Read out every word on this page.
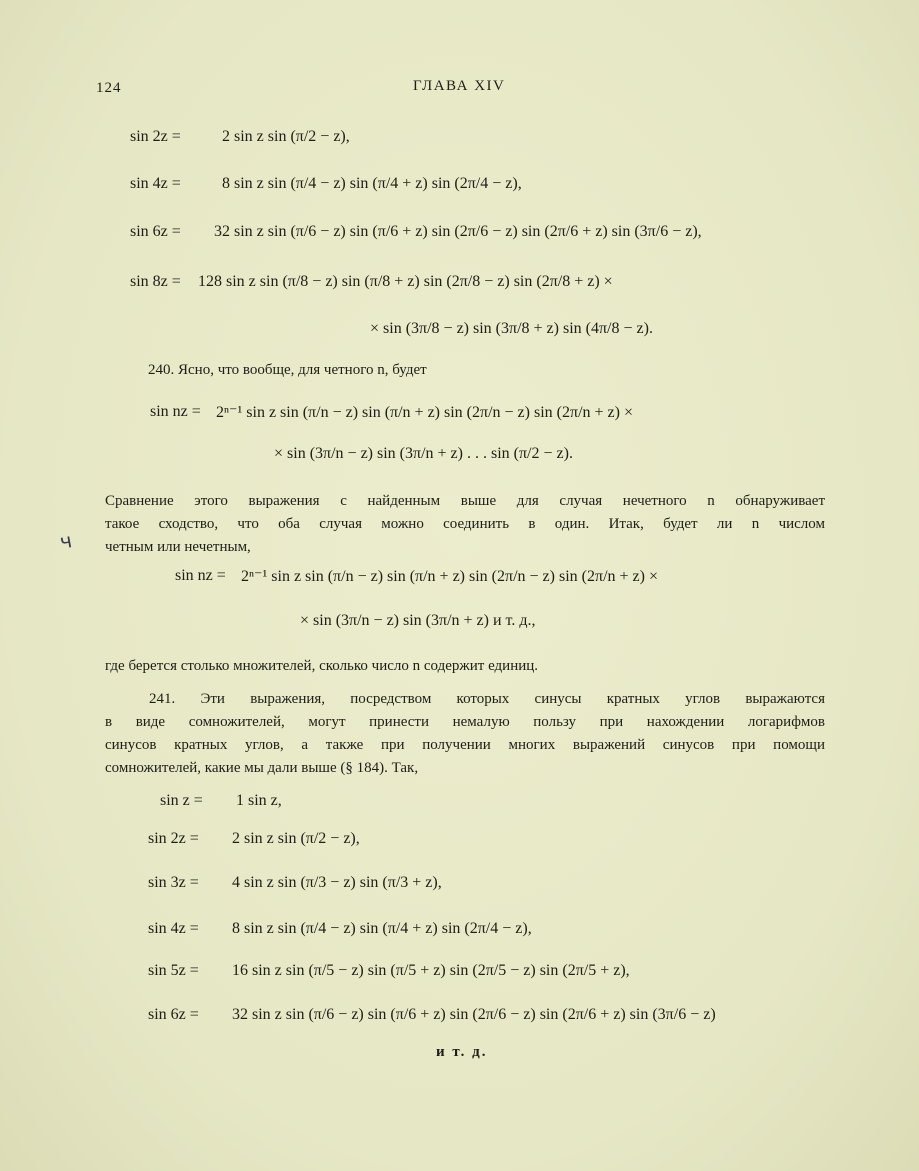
124	ГЛАВА XIV
sin 2z =	2 sin z sin (π/2 − z),
sin 4z =	8 sin z sin (π/4 − z) sin (π/4 + z) sin (2π/4 − z),
sin 6z =	32 sin z sin (π/6 − z) sin (π/6 + z) sin (2π/6 − z) sin (2π/6 + z) sin (3π/6 − z),
sin 8z =	128 sin z sin (π/8 − z) sin (π/8 + z) sin (2π/8 − z) sin (2π/8 + z) ×
× sin (3π/8 − z) sin (3π/8 + z) sin (4π/8 − z).
240. Ясно, что вообще, для четного n, будет
sin nz = 2ⁿ⁻¹ sin z sin (π/n − z) sin (π/n + z) sin (2π/n − z) sin (2π/n + z) ×
× sin (3π/n − z) sin (3π/n + z) . . . sin (π/2 − z).
Сравнение этого выражения с найденным выше для случая нечетного n обнаруживает
такое сходство, что оба случая можно соединить в один. Итак, будет ли n числом
четным или нечетным,
ч
sin nz = 2ⁿ⁻¹ sin z sin (π/n − z) sin (π/n + z) sin (2π/n − z) sin (2π/n + z) ×
× sin (3π/n − z) sin (3π/n + z) и т. д.,
где берется столько множителей, сколько число n содержит единиц.
241. Эти выражения, посредством которых синусы кратных углов выражаются
в виде сомножителей, могут принести немалую пользу при нахождении логарифмов
синусов кратных углов, а также при получении многих выражений синусов при помощи
сомножителей, какие мы дали выше (§ 184). Так,
sin z =	1 sin z,
sin 2z =	2 sin z sin (π/2 − z),
sin 3z =	4 sin z sin (π/3 − z) sin (π/3 + z),
sin 4z =	8 sin z sin (π/4 − z) sin (π/4 + z) sin (2π/4 − z),
sin 5z =	16 sin z sin (π/5 − z) sin (π/5 + z) sin (2π/5 − z) sin (2π/5 + z),
sin 6z =	32 sin z sin (π/6 − z) sin (π/6 + z) sin (2π/6 − z) sin (2π/6 + z) sin (3π/6 − z)
и т. д.
